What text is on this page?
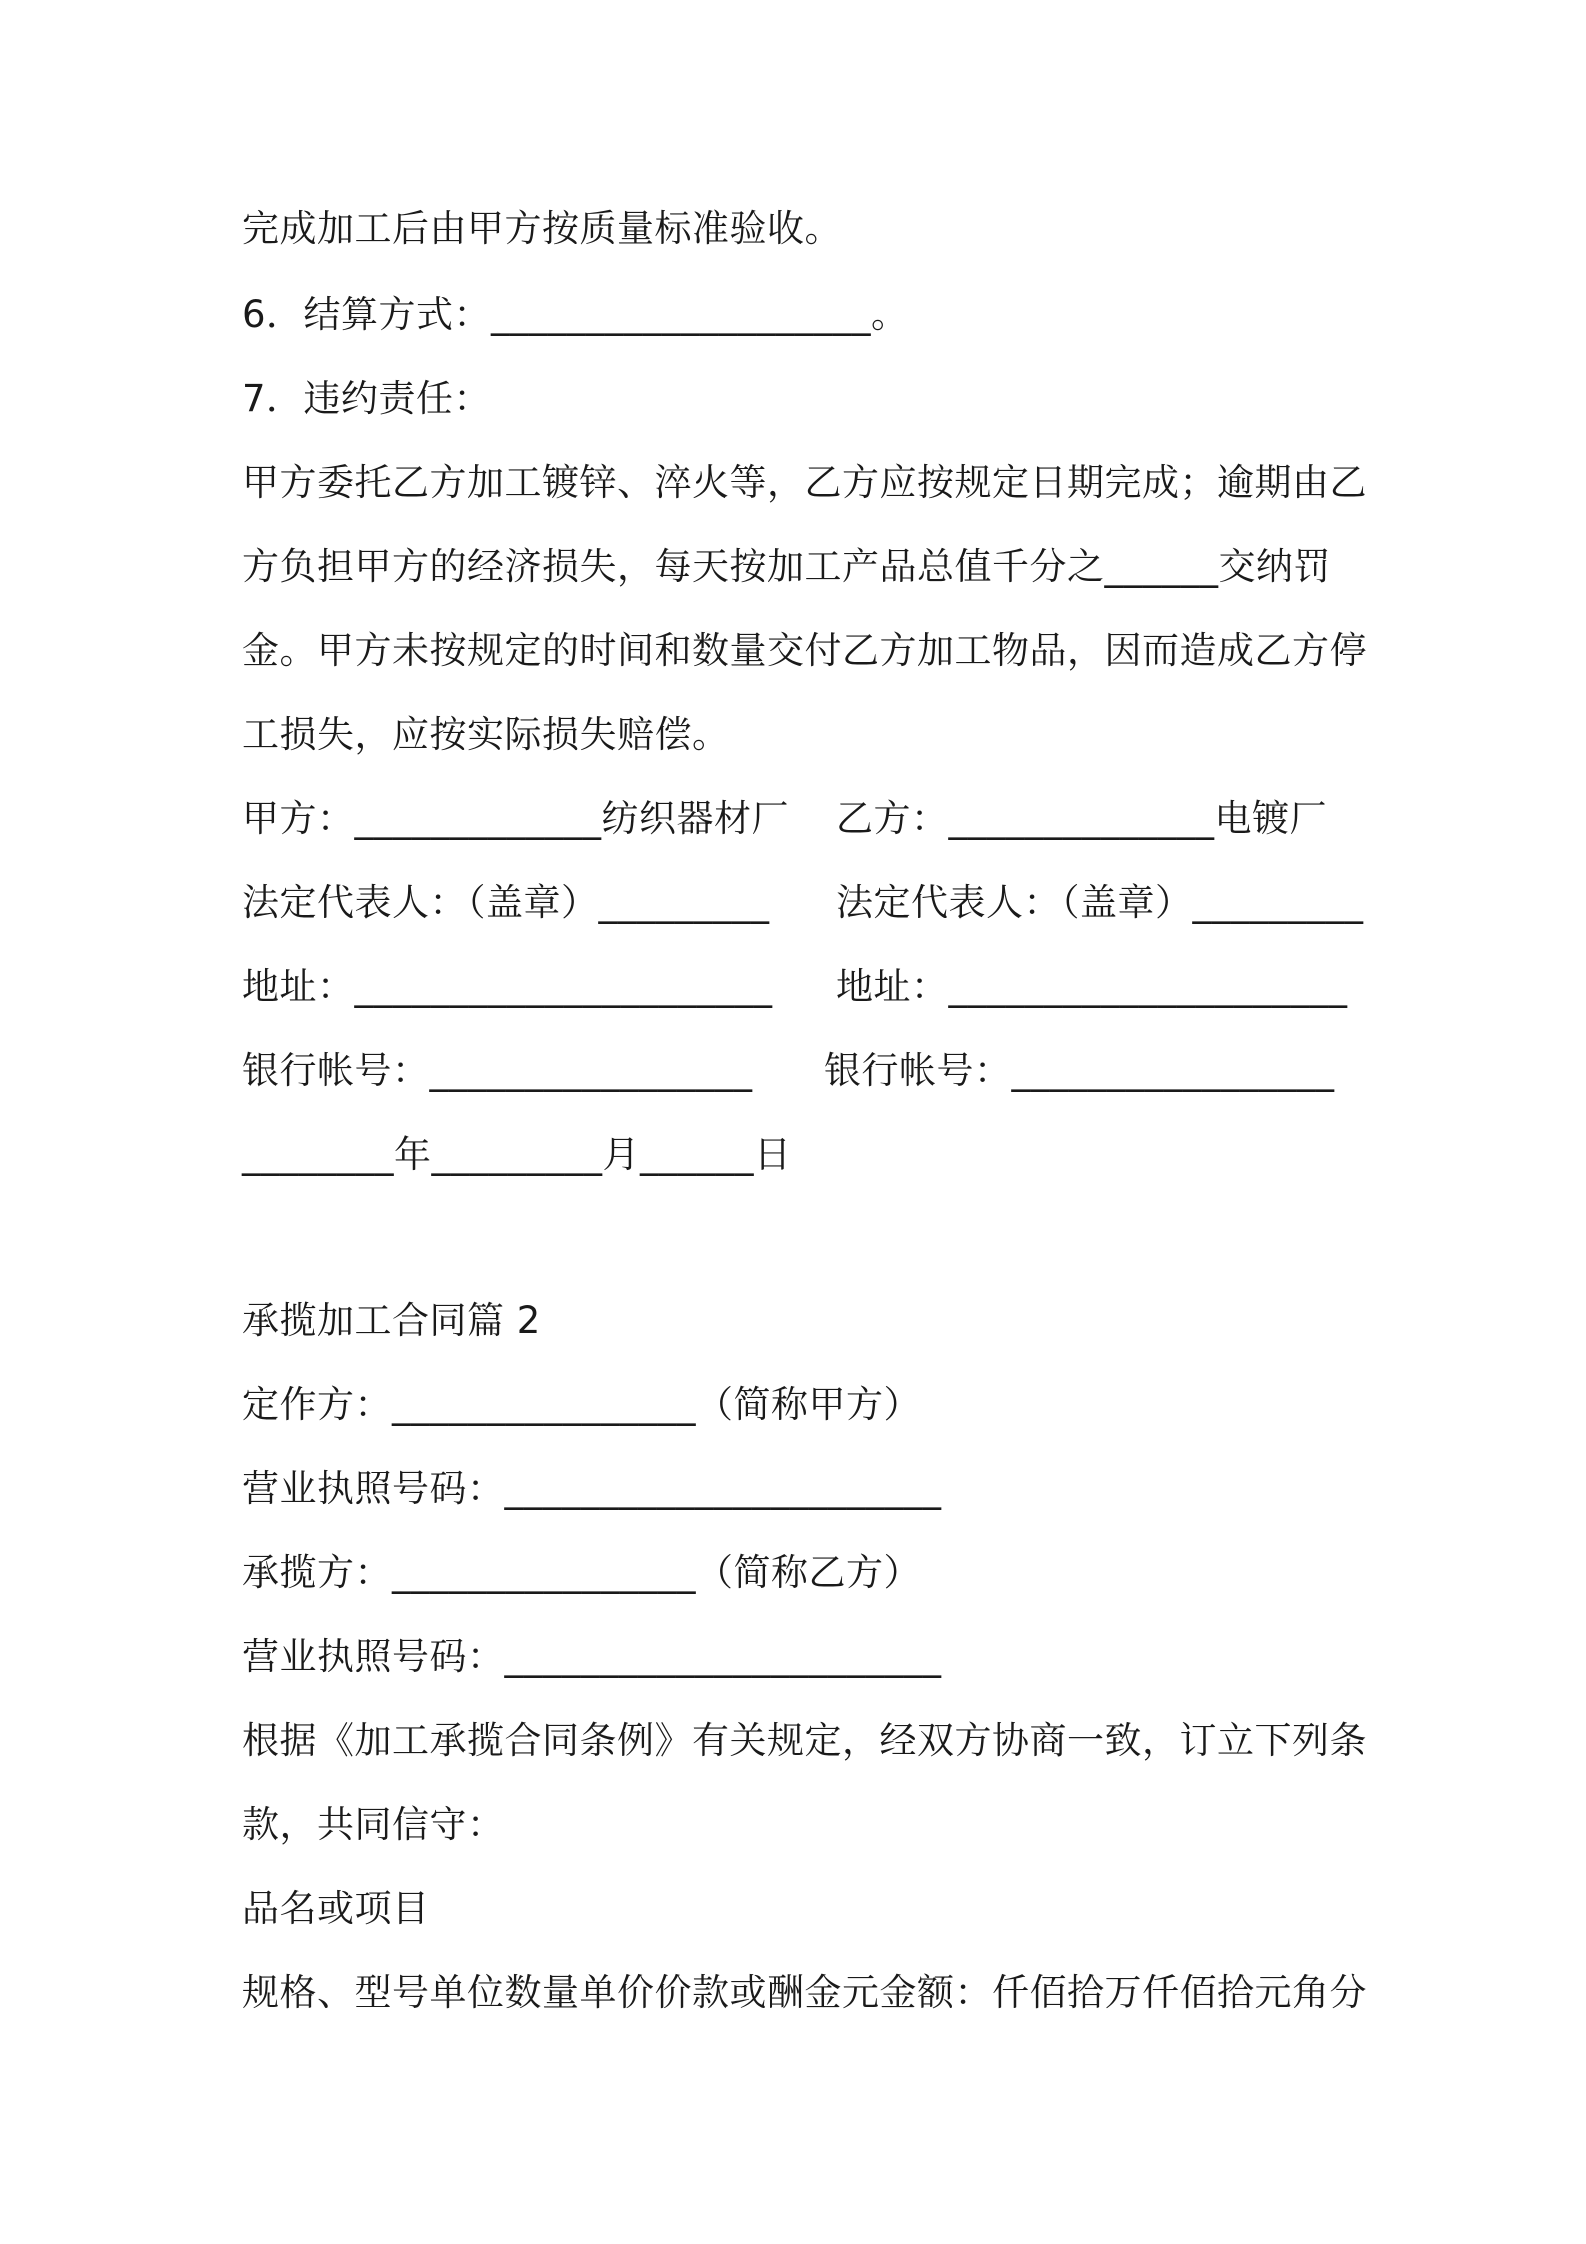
完成加工后由甲方按质量标准验收。
6．结算方式：____________________。
7．违约责任：
甲方委托乙方加工镀锌、淬火等，乙方应按规定日期完成；逾期由乙
方负担甲方的经济损失，每天按加工产品总值千分之______交纳罚
金。甲方未按规定的时间和数量交付乙方加工物品，因而造成乙方停
工损失，应按实际损失赔偿。
甲方：_____________纺织器材厂 乙方：______________电镀厂
法定代表人：（盖章）_________ 法定代表人：（盖章）_________
地址：______________________ 地址：_____________________
银行帐号：_________________ 银行帐号：_________________
________年_________月______日
承揽加工合同篇 2
定作方：________________（简称甲方）
营业执照号码：_______________________
承揽方：________________（简称乙方）
营业执照号码：_______________________
根据《加工承揽合同条例》有关规定，经双方协商一致，订立下列条
款，共同信守：
品名或项目
规格、型号单位数量单价价款或酬金元金额：仟佰拾万仟佰拾元角分
